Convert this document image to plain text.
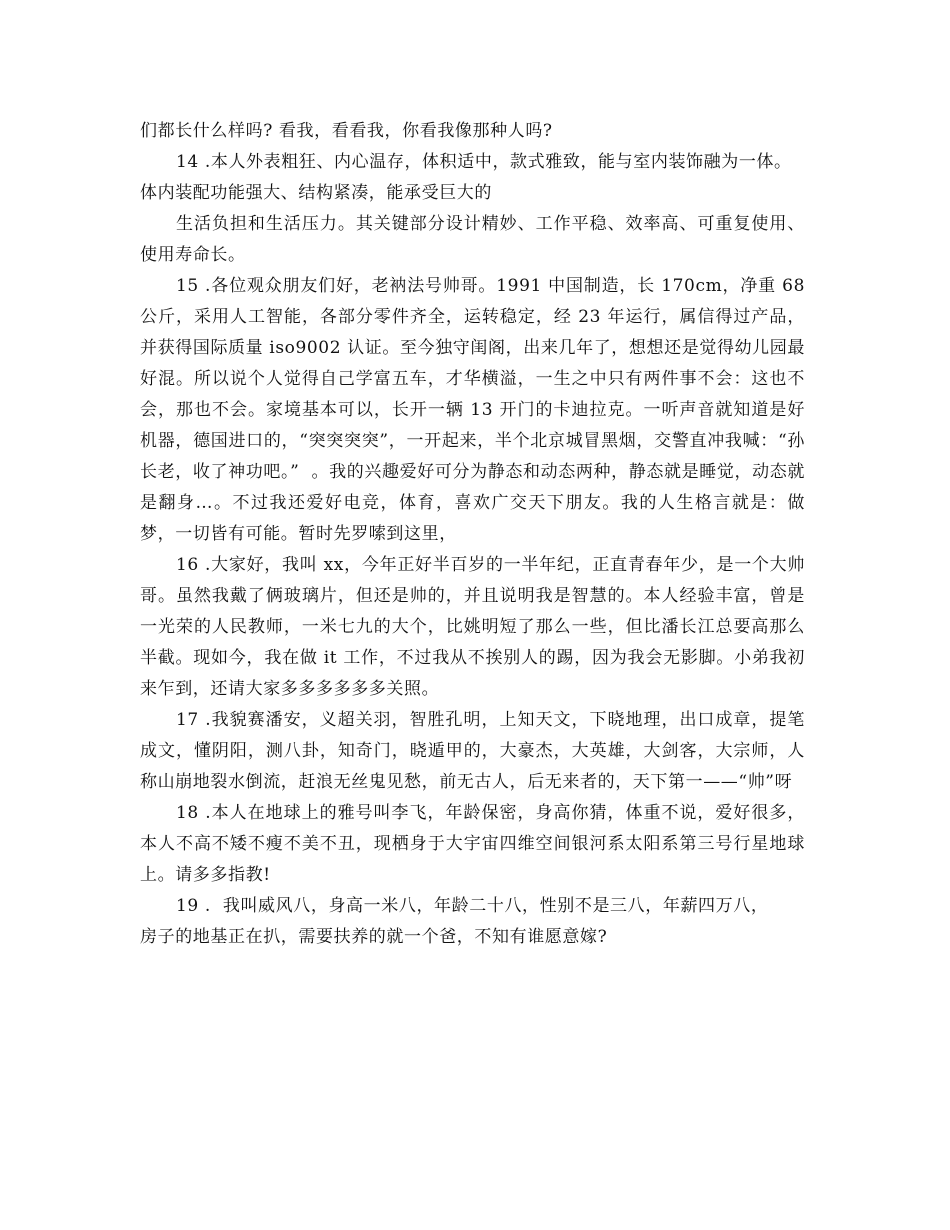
们都长什么样吗? 看我，看看我，你看我像那种人吗?

14 .本人外表粗狂、内心温存，体积适中，款式雅致，能与室内装饰融为一体。

体内装配功能强大、结构紧凑，能承受巨大的

生活负担和生活压力。其关键部分设计精妙、工作平稳、效率高、可重复使用、使用寿命长。

15 .各位观众朋友们好，老衲法号帅哥。1991 中国制造，长 170cm，净重 68 公斤，采用人工智能，各部分零件齐全，运转稳定，经 23 年运行，属信得过产品，并获得国际质量 iso9002 认证。至今独守闺阁，出来几年了，想想还是觉得幼儿园最好混。所以说个人觉得自己学富五车，才华横溢，一生之中只有两件事不会：这也不会，那也不会。家境基本可以，长开一辆 13 开门的卡迪拉克。一听声音就知道是好机器，德国进口的，“突突突突”，一开起来，半个北京城冒黑烟，交警直冲我喊：“孙长老，收了神功吧。”  。我的兴趣爱好可分为静态和动态两种，静态就是睡觉，动态就是翻身…。不过我还爱好电竞，体育，喜欢广交天下朋友。我的人生格言就是：做梦，一切皆有可能。暂时先罗嗦到这里，

16 .大家好，我叫 xx，今年正好半百岁的一半年纪，正直青春年少，是一个大帅哥。虽然我戴了俩玻璃片，但还是帅的，并且说明我是智慧的。本人经验丰富，曾是一光荣的人民教师，一米七九的大个，比姚明短了那么一些，但比潘长江总要高那么半截。现如今，我在做 it 工作，不过我从不挨别人的踢，因为我会无影脚。小弟我初来乍到，还请大家多多多多多多关照。

17 .我貌赛潘安，义超关羽，智胜孔明，上知天文，下晓地理，出口成章，提笔成文，懂阴阳，测八卦，知奇门，晓遁甲的，大豪杰，大英雄，大剑客，大宗师，人称山崩地裂水倒流，赶浪无丝鬼见愁，前无古人，后无来者的，天下第一——“帅”呀

18 .本人在地球上的雅号叫李飞，年龄保密，身高你猜，体重不说，爱好很多，本人不高不矮不瘦不美不丑，现栖身于大宇宙四维空间银河系太阳系第三号行星地球上。请多多指教!

19 .  我叫威风八，身高一米八，年龄二十八，性别不是三八，年薪四万八，

房子的地基正在扒，需要扶养的就一个爸，不知有谁愿意嫁?
